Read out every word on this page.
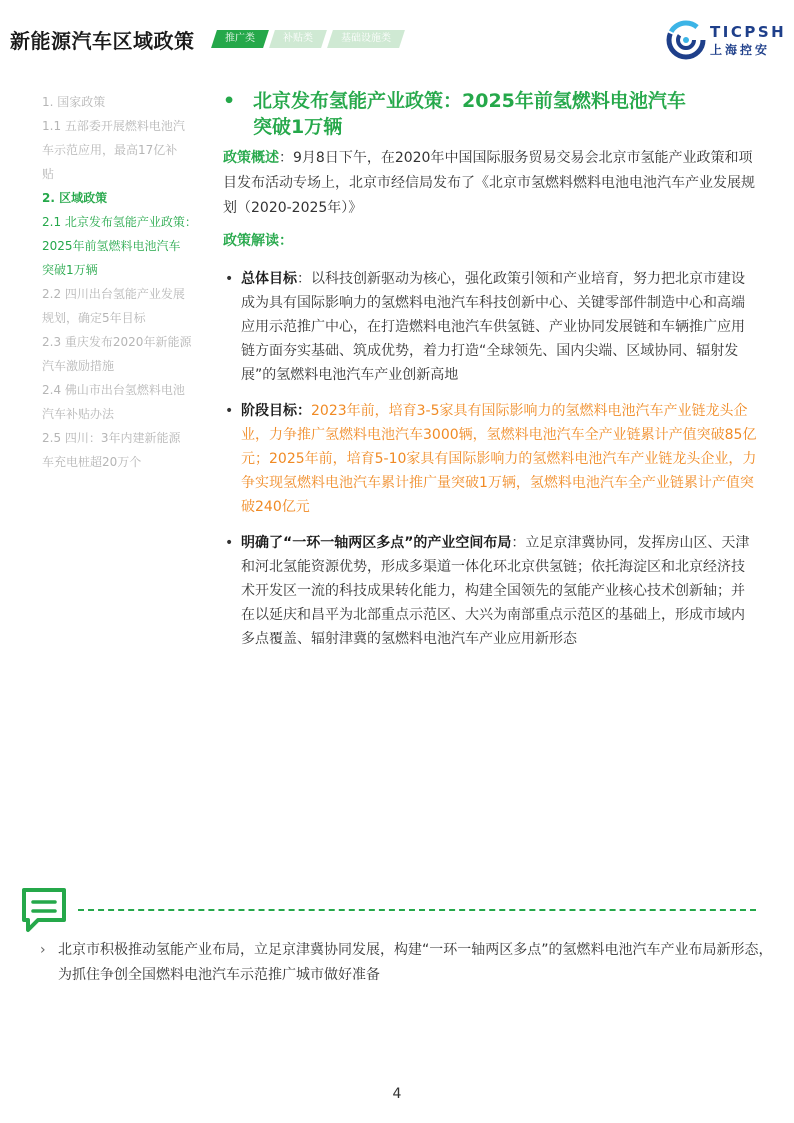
新能源汽车区域政策	推广类	补贴类	基础设施类	TICPSH
上海控安
1. 国家政策
1.1 五部委开展燃料电池汽
车示范应用，最高17亿补
贴
2. 区域政策
2.1 北京发布氢能产业政策：
2025年前氢燃料电池汽车
突破1万辆
2.2 四川出台氢能产业发展
规划，确定5年目标
2.3 重庆发布2020年新能源
汽车激励措施
2.4 佛山市出台氢燃料电池
汽车补贴办法
2.5 四川：3年内建新能源
车充电桩超20万个
• 北京发布氢能产业政策：2025年前氢燃料电池汽车
突破1万辆
政策概述：9月8日下午，在2020年中国国际服务贸易交易会北京市氢能产业政策和项目发布活动专场上，北京市经信局发布了《北京市氢燃料燃料电池电池汽车产业发展规划（2020-2025年）》
政策解读：
• 总体目标：以科技创新驱动为核心，强化政策引领和产业培育，努力把北京市建设成为具有国际影响力的氢燃料电池汽车科技创新中心、关键零部件制造中心和高端应用示范推广中心，在打造燃料电池汽车供氢链、产业协同发展链和车辆推广应用链方面夯实基础、筑成优势，着力打造“全球领先、国内尖端、区域协同、辐射发展”的氢燃料电池汽车产业创新高地
• 阶段目标：2023年前，培育3-5家具有国际影响力的氢燃料电池汽车产业链龙头企业，力争推广氢燃料电池汽车3000辆，氢燃料电池汽车全产业链累计产值突破85亿元；2025年前，培育5-10家具有国际影响力的氢燃料电池汽车产业链龙头企业，力争实现氢燃料电池汽车累计推广量突破1万辆，氢燃料电池汽车全产业链累计产值突破240亿元
• 明确了“一环一轴两区多点”的产业空间布局：立足京津冀协同，发挥房山区、天津和河北氢能资源优势，形成多渠道一体化环北京供氢链；依托海淀区和北京经济技术开发区一流的科技成果转化能力，构建全国领先的氢能产业核心技术创新轴；并在以延庆和昌平为北部重点示范区、大兴为南部重点示范区的基础上，形成市域内多点覆盖、辐射津冀的氢燃料电池汽车产业应用新形态
› 北京市积极推动氢能产业布局，立足京津冀协同发展，构建“一环一轴两区多点”的氢燃料电池汽车产业布局新形态，为抓住争创全国燃料电池汽车示范推广城市做好准备
4
